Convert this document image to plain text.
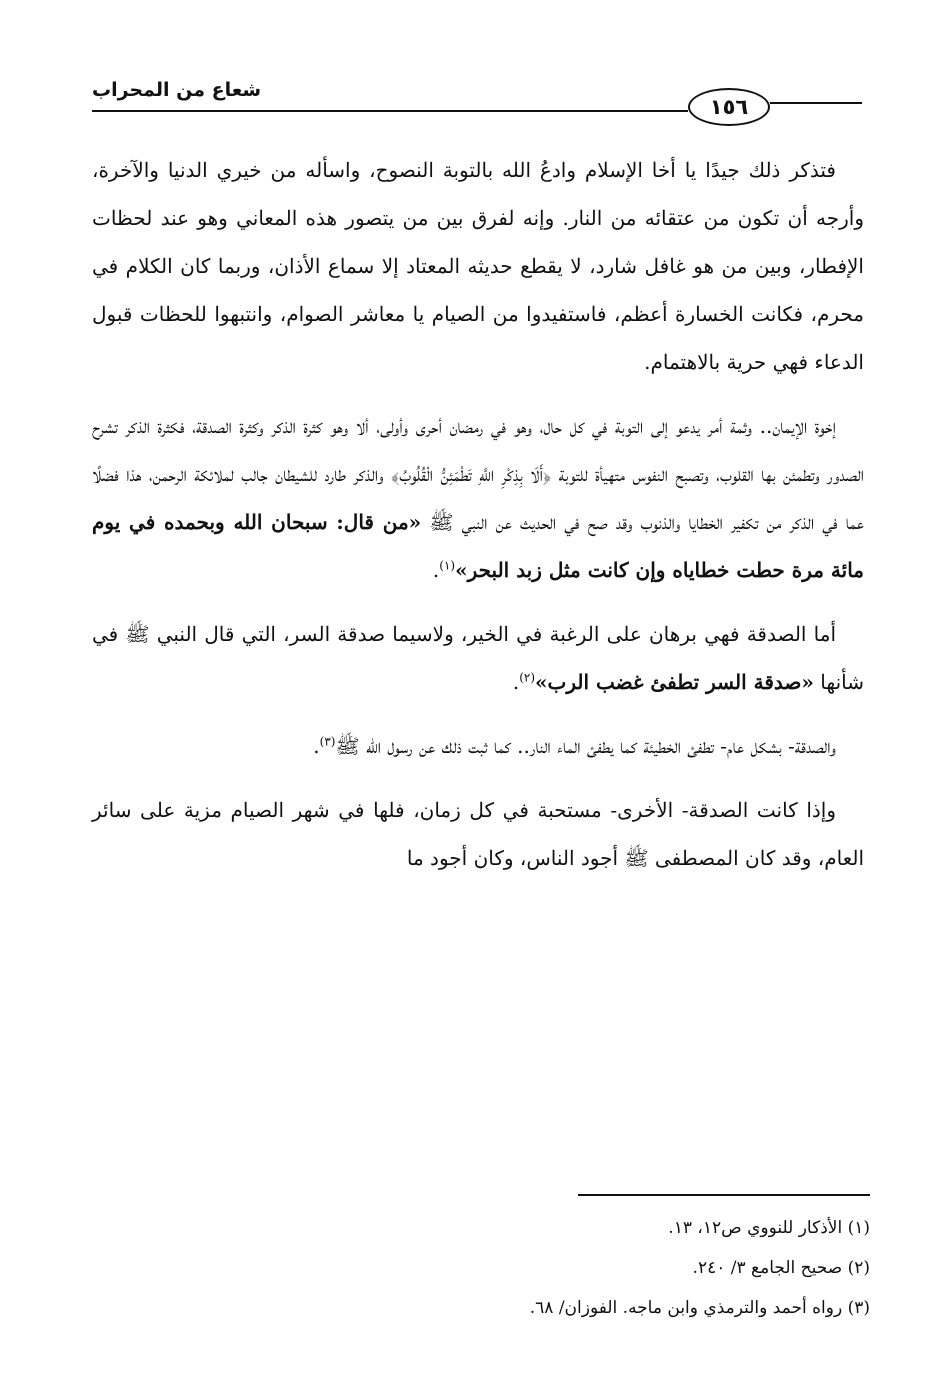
شعاع من المحراب
١٥٦

فتذكر ذلك جيدًا يا أخا الإسلام وادعُ الله بالتوبة النصوح، واسأله من خيري الدنيا والآخرة، وأرجه أن تكون من عتقائه من النار. وإنه لفرق بين من يتصور هذه المعاني وهو عند لحظات الإفطار، وبين من هو غافل شارد، لا يقطع حديثه المعتاد إلا سماع الأذان، وربما كان الكلام في محرم، فكانت الخسارة أعظم، فاستفيدوا من الصيام يا معاشر الصوام، وانتبهوا للحظات قبول الدعاء فهي حرية بالاهتمام.

إخوة الإيمان.. وثمة أمر يدعو إلى التوبة في كل حال، وهو في رمضان أحرى وأولى، ألا وهو كثرة الذكر وكثرة الصدقة، فكثرة الذكر تشرح الصدور وتطمئن بها القلوب، وتصبح النفوس متهيأة للتوبة ﴿أَلَا بِذِكْرِ اللَّهِ تَطْمَئِنُّ الْقُلُوبُ﴾ والذكر طارد للشيطان جالب لملائكة الرحمن، هذا فضلًا عما في الذكر من تكفير الخطايا والذنوب وقد صح في الحديث عن النبي ﷺ «من قال: سبحان الله وبحمده في يوم مائة مرة حطت خطاياه وإن كانت مثل زبد البحر»$^{(١)}$.

أما الصدقة فهي برهان على الرغبة في الخير، ولاسيما صدقة السر، التي قال النبي ﷺ في شأنها «صدقة السر تطفئ غضب الرب»$^{(٢)}$.

والصدقة- بشكل عام- تطفئ الخطيئة كما يطفئ الماء النار.. كما ثبت ذلك عن رسول الله ﷺ$^{(٣)}$.

وإذا كانت الصدقة- الأخرى- مستحبة في كل زمان، فلها في شهر الصيام مزية على سائر العام، وقد كان المصطفى ﷺ أجود الناس، وكان أجود ما

(١) الأذكار للنووي ص١٢، ١٣.
(٢) صحيح الجامع ٣/ ٢٤٠.
(٣) رواه أحمد والترمذي وابن ماجه. الفوزان/ ٦٨.
